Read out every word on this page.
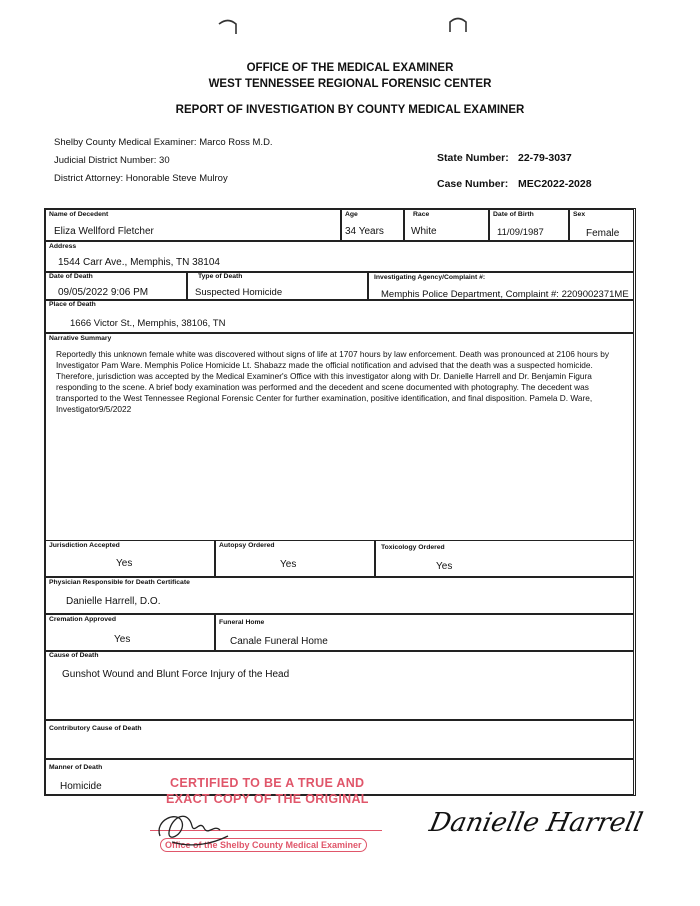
OFFICE OF THE MEDICAL EXAMINER
WEST TENNESSEE REGIONAL FORENSIC CENTER
REPORT OF INVESTIGATION BY COUNTY MEDICAL EXAMINER
Shelby County Medical Examiner: Marco Ross M.D.
Judicial District Number: 30
District Attorney: Honorable Steve Mulroy
State Number: 22-79-3037
Case Number: MEC2022-2028
Name of Decedent
Eliza Wellford Fletcher
Age
34 Years
Race
White
Date of Birth
11/09/1987
Sex
Female
Address
1544 Carr Ave., Memphis, TN 38104
Date of Death
09/05/2022 9:06 PM
Type of Death
Suspected Homicide
Investigating Agency/Complaint #:
Memphis Police Department, Complaint #: 2209002371ME
Place of Death
1666 Victor St., Memphis, 38106, TN
Narrative Summary
Reportedly this unknown female white was discovered without signs of life at 1707 hours by law enforcement. Death was pronounced at 2106 hours by Investigator Pam Ware. Memphis Police Homicide Lt. Shabazz made the official notification and advised that the death was a suspected homicide. Therefore, jurisdiction was accepted by the Medical Examiner's Office with this investigator along with Dr. Danielle Harrell and Dr. Benjamin Figura responding to the scene. A brief body examination was performed and the decedent and scene documented with photography. The decedent was transported to the West Tennessee Regional Forensic Center for further examination, positive identification, and final disposition. Pamela D. Ware, Investigator9/5/2022
Jurisdiction Accepted
Yes
Autopsy Ordered
Yes
Toxicology Ordered
Yes
Physician Responsible for Death Certificate
Danielle Harrell, D.O.
Cremation Approved
Yes
Funeral Home
Canale Funeral Home
Cause of Death
Gunshot Wound and Blunt Force Injury of the Head
Contributory Cause of Death
Manner of Death
Homicide	CERTIFIED TO BE A TRUE AND
EXACT COPY OF THE ORIGINAL
Office of the Shelby County Medical Examiner
Danielle Harrell
